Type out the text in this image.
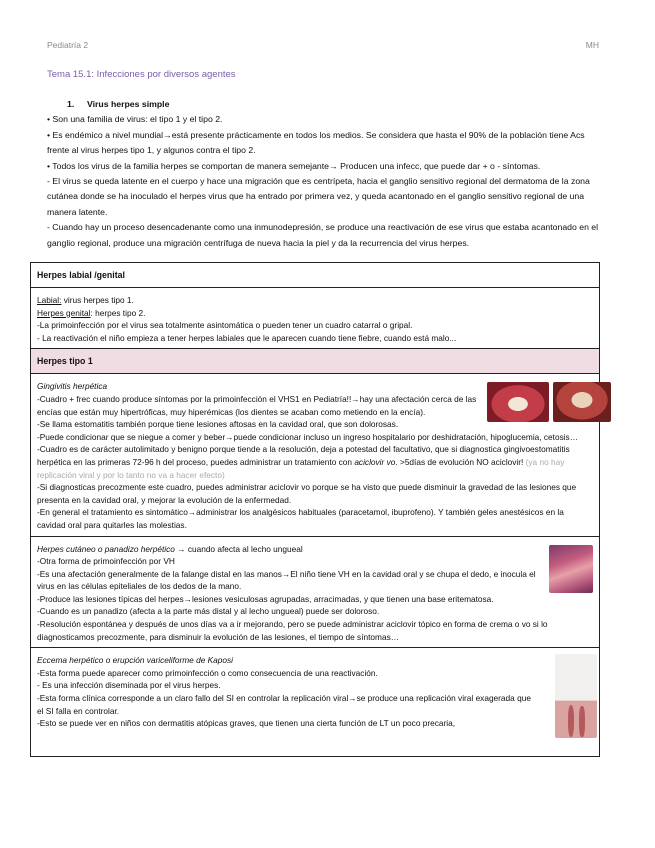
Pediatría 2	MH
Tema 15.1: Infecciones por diversos agentes

1. Virus herpes simple

• Son una familia de virus: el tipo 1 y el tipo 2.

• Es endémico a nivel mundial→está presente prácticamente en todos los medios. Se considera que hasta el 90% de la población tiene Acs frente al virus herpes tipo 1, y algunos contra el tipo 2.

• Todos los virus de la familia herpes se comportan de manera semejante→ Producen una infecc, que puede dar + o - síntomas.

- El virus se queda latente en el cuerpo y hace una migración que es centrípeta, hacia el ganglio sensitivo regional del dermatoma de la zona cutánea donde se ha inoculado el herpes virus que ha entrado por primera vez, y queda acantonado en el ganglio sensitivo regional de una manera latente.

- Cuando hay un proceso desencadenante como una inmunodepresión, se produce una reactivación de ese virus que estaba acantonado en el ganglio regional, produce una migración centrífuga de nueva hacia la piel y da la recurrencia del virus herpes.

Herpes labial /genital

Labial: virus herpes tipo 1.

Herpes genital: herpes tipo 2.

-La primoinfección por el virus sea totalmente asintomática o pueden tener un cuadro catarral o gripal.

- La reactivación el niño empieza a tener herpes labiales que le aparecen cuando tiene fiebre, cuando está malo...

Herpes tipo 1

Gingivitis herpética

-Cuadro + frec cuando produce síntomas por la primoinfección el VHS1 en Pediatría!!→hay una afectación cerca de las encías que están muy hipertróficas, muy hiperémicas (los dientes se acaban como metiendo en la encía).

-Se llama estomatitis también porque tiene lesiones aftosas en la cavidad oral, que son dolorosas.

-Puede condicionar que se niegue a comer y beber→puede condicionar incluso un ingreso hospitalario por deshidratación, hipoglucemia, cetosis…

-Cuadro es de carácter autolimitado y benigno porque tiende a la resolución, deja a potestad del facultativo, que si diagnostica gingivoestomatitis herpética en las primeras 72-96 h del proceso, puedes administrar un tratamiento con aciclovir vo. >5días de evolución NO aciclovir! (ya no hay replicación viral y por lo tanto no va a hacer efecto)

-Si diagnosticas precozmente este cuadro, puedes administrar aciclovir vo porque se ha visto que puede disminuir la gravedad de las lesiones que presenta en la cavidad oral, y mejorar la evolución de la enfermedad.

-En general el tratamiento es sintomático→administrar los analgésicos habituales (paracetamol, ibuprofeno). Y también geles anestésicos en la cavidad oral para quitarles las molestias.

Herpes cutáneo o panadizo herpético → cuando afecta al lecho ungueal

-Otra forma de primoinfección por VH

-Es una afectación generalmente de la falange distal en las manos→El niño tiene VH en la cavidad oral y se chupa el dedo, e inocula el virus en las células epiteliales de los dedos de la mano.

-Produce las lesiones típicas del herpes→lesiones vesiculosas agrupadas, arracimadas, y que tienen una base eritematosa.

-Cuando es un panadizo (afecta a la parte más distal y al lecho ungueal) puede ser doloroso.

-Resolución espontánea y después de unos días va a ir mejorando, pero se puede administrar aciclovir tópico en forma de crema o vo si lo diagnosticamos precozmente, para disminuir la evolución de las lesiones, el tiempo de síntomas…

Eccema herpético o erupción variceliforme de Kaposi

-Esta forma puede aparecer como primoinfección o como consecuencia de una reactivación.

- Es una infección diseminada por el virus herpes.

-Esta forma clínica corresponde a un claro fallo del SI en controlar la replicación viral→se produce una replicación viral exagerada que el SI falla en controlar.

-Esto se puede ver en niños con dermatitis atópicas graves, que tienen una cierta función de LT un poco precaria,
